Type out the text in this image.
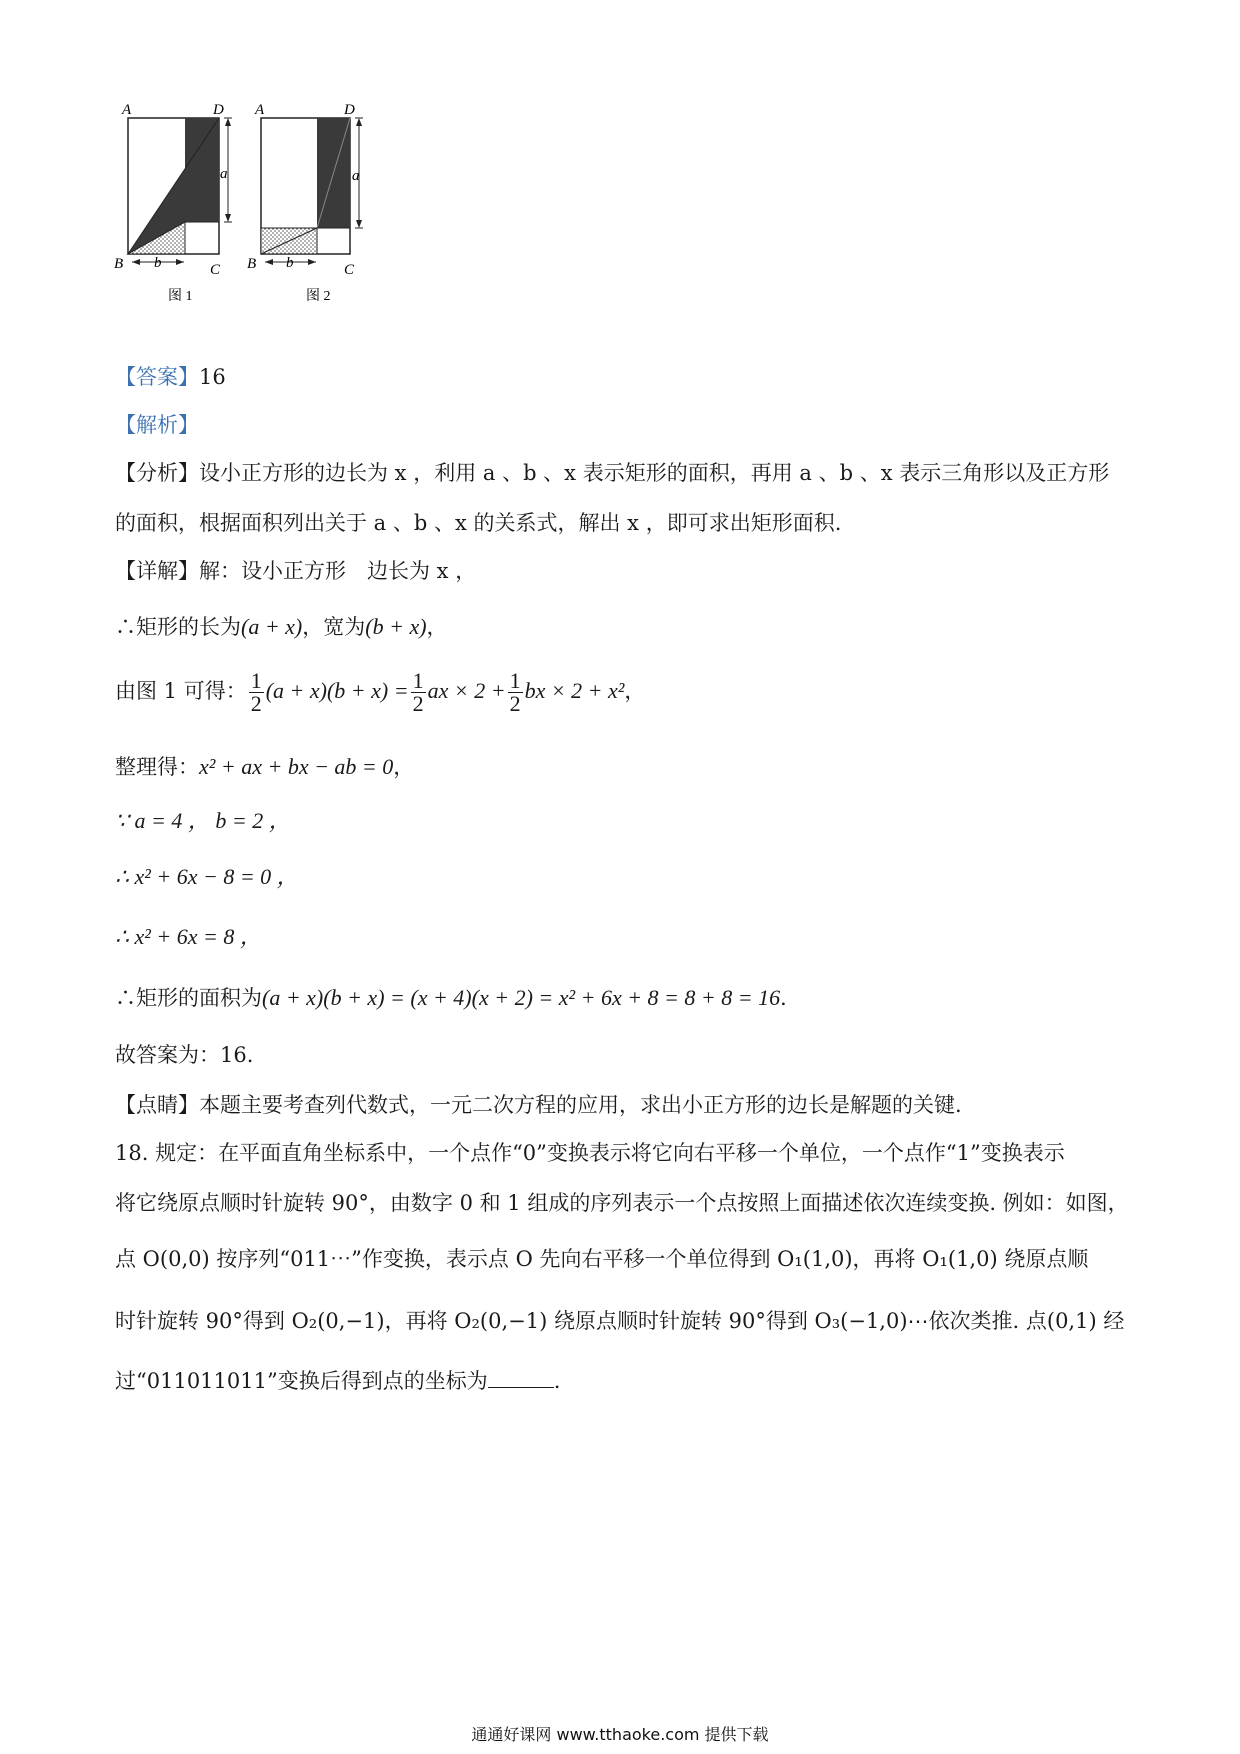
a
b
A	D
B	C
图 1
a
b
A	D
B	C
图 2
【答案】16
【解析】
【分析】设小正方形的边长为 x ，利用 a 、b 、x 表示矩形的面积，再用 a 、b 、x 表示三角形以及正方形
的面积，根据面积列出关于 a 、b 、x 的关系式，解出 x ，即可求出矩形面积.
【详解】解：设小正方形　边长为 x ，
∴矩形的长为(a + x)，宽为(b + x)，
由图 1 可得： $\frac{1}{2} (a + x)(b + x) = \frac{1}{2}$ ax × $2 + \frac{1}{2}$ bx × 2 + x²，
整理得：x² + ax + bx − ab = 0，
∵ a = 4 ， b = 2 ，
∴ x² + 6x − 8 = 0 ，
∴ x² + 6x = 8 ，
∴矩形的面积为(a + x)(b + x) = (x + 4)(x + 2) = x² + 6x + 8 = 8 + 8 = 16．
故答案为：16.
【点睛】本题主要考查列代数式，一元二次方程的应用，求出小正方形的边长是解题的关键.
18. 规定：在平面直角坐标系中，一个点作“0”变换表示将它向右平移一个单位，一个点作“1”变换表示
将它绕原点顺时针旋转 90°，由数字 0 和 1 组成的序列表示一个点按照上面描述依次连续变换. 例如：如图，
点 O(0,0) 按序列“011⋯”作变换，表示点 O 先向右平移一个单位得到 O₁(1,0)，再将 O₁(1,0) 绕原点顺
时针旋转 90°得到 O₂(0,−1)，再将 O₂(0,−1) 绕原点顺时针旋转 90°得到 O₃(−1,0)⋯依次类推. 点(0,1) 经
过“011011011”变换后得到点的坐标为	.
通通好课网 www.tthaoke.com 提供下载
